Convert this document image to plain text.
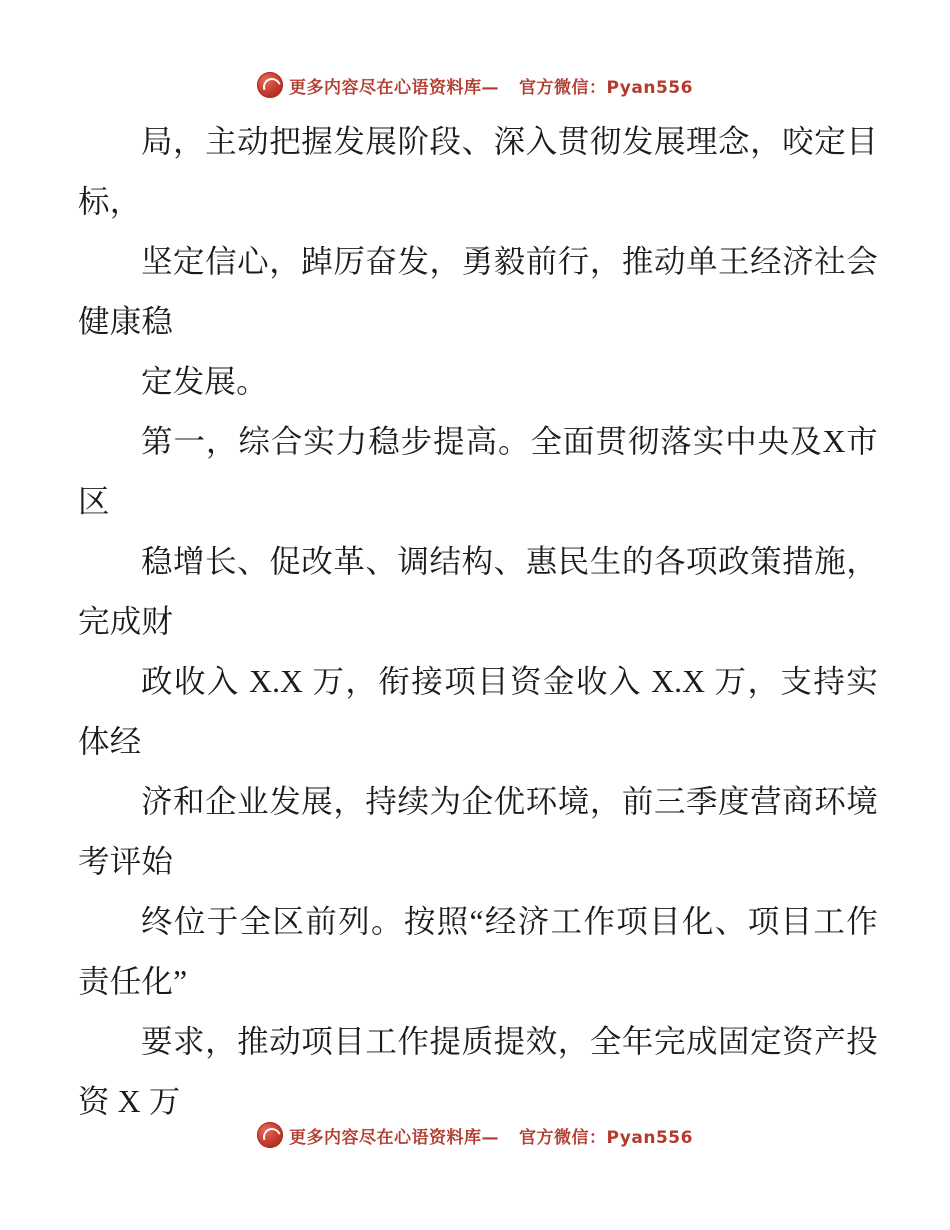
更多内容尽在心语资料库— 官方微信：Pyan556

局，主动把握发展阶段、深入贯彻发展理念，咬定目标，

坚定信心，踔厉奋发，勇毅前行，推动单王经济社会健康稳

定发展。

第一，综合实力稳步提高。全面贯彻落实中央及X市区

稳增长、促改革、调结构、惠民生的各项政策措施，完成财

政收入 X.X 万，衔接项目资金收入 X.X 万，支持实体经

济和企业发展，持续为企优环境，前三季度营商环境考评始

终位于全区前列。按照“经济工作项目化、项目工作责任化”

要求，推动项目工作提质提效，全年完成固定资产投资 X 万

更多内容尽在心语资料库— 官方微信：Pyan556
